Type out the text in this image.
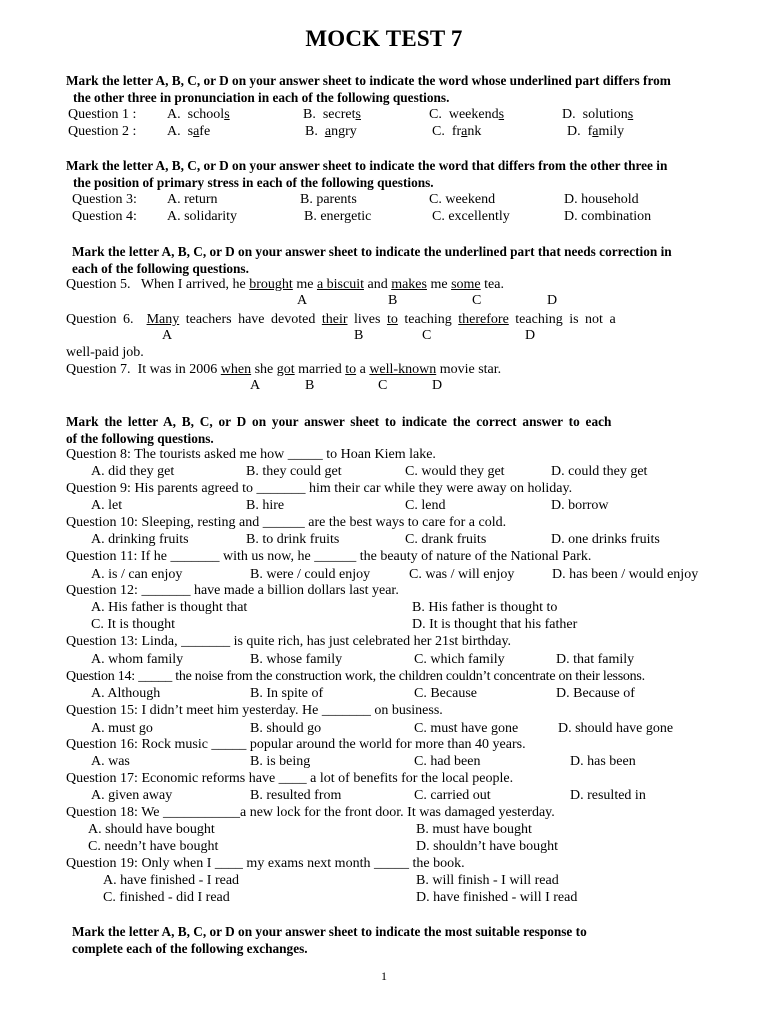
MOCK TEST 7
Mark the letter A, B, C, or D on your answer sheet to indicate the word whose underlined part differs from
the other three in pronunciation in each of the following questions.
Question 1 : A. schools	B. secrets	C. weekends	D. solutions
Question 2 : A. safe	B. angry	C. frank	D. family
Mark the letter A, B, C, or D on your answer sheet to indicate the word that differs from the other three in
the position of primary stress in each of the following questions.
Question 3: A. return	B. parents	C. weekend	D. household
Question 4: A. solidarity	B. energetic	C. excellently	D. combination
Mark the letter A, B, C, or D on your answer sheet to indicate the underlined part that needs correction in
each of the following questions.
Question 5. When I arrived, he brought me a biscuit and makes me some tea.
A	B	C	D
Question 6. Many teachers have devoted their lives to teaching therefore teaching is not a
A	B	C	D
well-paid job.
Question 7. It was in 2006 when she got married to a well-known movie star.
A	B	C	D
Mark the letter A, B, C, or D on your answer sheet to indicate the correct answer to each
of the following questions.
Question 8: The tourists asked me how _____ to Hoan Kiem lake.
A. did they get	B. they could get	C. would they get	D. could they get
Question 9: His parents agreed to _______ him their car while they were away on holiday.
A. let	B. hire	C. lend	D. borrow
Question 10: Sleeping, resting and ______ are the best ways to care for a cold.
A. drinking fruits	B. to drink fruits	C. drank fruits	D. one drinks fruits
Question 11: If he _______ with us now, he ______ the beauty of nature of the National Park.
A. is / can enjoy	B. were / could enjoy	C. was / will enjoy	D. has been / would enjoy
Question 12: _______ have made a billion dollars last year.
A. His father is thought that	B. His father is thought to
C. It is thought	D. It is thought that his father
Question 13: Linda, _______ is quite rich, has just celebrated her 21st birthday.
A. whom family	B. whose family	C. which family	D. that family
Question 14: _____ the noise from the construction work, the children couldn’t concentrate on their lessons.
A. Although	B. In spite of	C. Because	D. Because of
Question 15: I didn’t meet him yesterday. He _______ on business.
A. must go	B. should go	C. must have gone	D. should have gone
Question 16: Rock music _____ popular around the world for more than 40 years.
A. was	B. is being	C. had been	D. has been
Question 17: Economic reforms have ____ a lot of benefits for the local people.
A. given away	B. resulted from	C. carried out	D. resulted in
Question 18: We ___________a new lock for the front door. It was damaged yesterday.
A. should have bought	B. must have bought
C. needn’t have bought	D. shouldn’t have bought
Question 19: Only when I ____ my exams next month _____ the book.
A. have finished - I read	B. will finish - I will read
C. finished - did I read	D. have finished - will I read
Mark the letter A, B, C, or D on your answer sheet to indicate the most suitable response to
complete each of the following exchanges.
1
